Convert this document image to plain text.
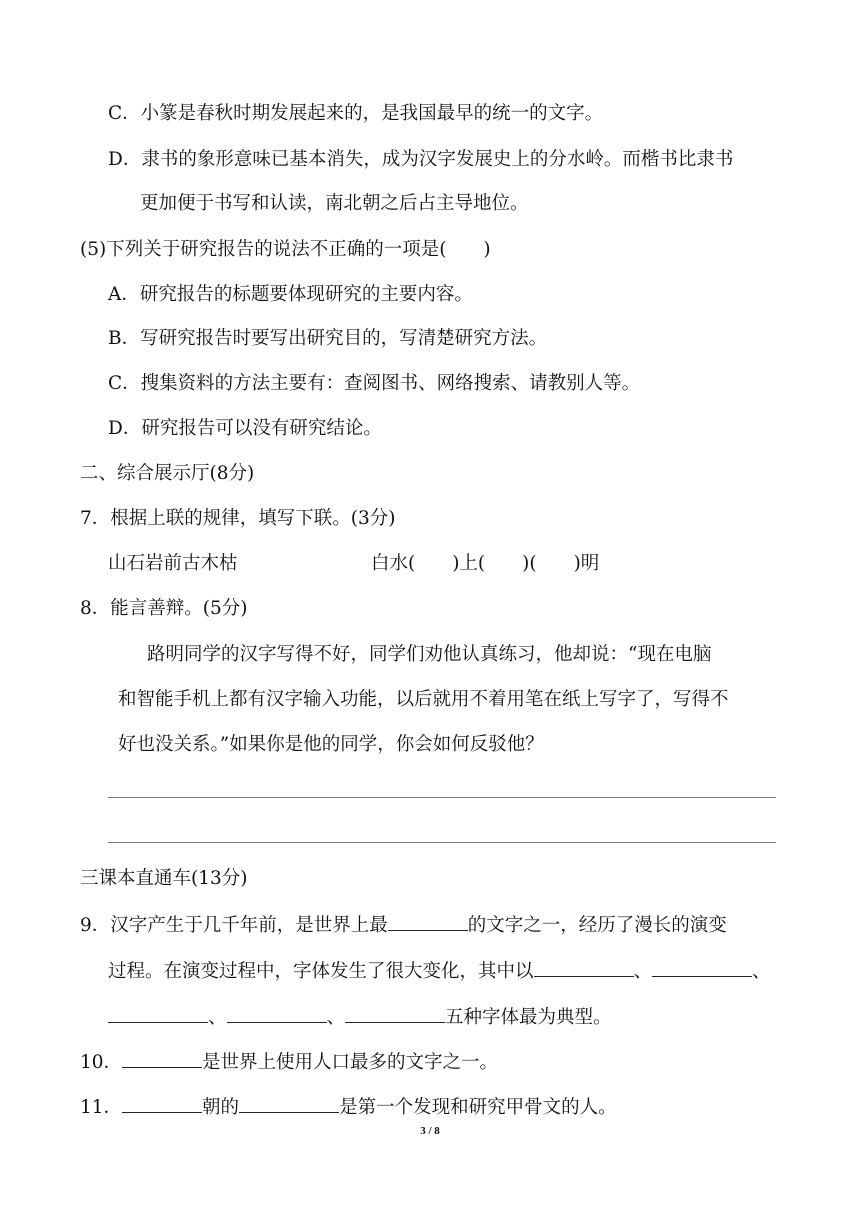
C．小篆是春秋时期发展起来的，是我国最早的统一的文字。
D．隶书的象形意味已基本消失，成为汉字发展史上的分水岭。而楷书比隶书
更加便于书写和认读，南北朝之后占主导地位。
(5)下列关于研究报告的说法不正确的一项是(　　)
A．研究报告的标题要体现研究的主要内容。
B．写研究报告时要写出研究目的，写清楚研究方法。
C．搜集资料的方法主要有：查阅图书、网络搜索、请教别人等。
D．研究报告可以没有研究结论。
二、综合展示厅(8分)
7．根据上联的规律，填写下联。(3分)
山石岩前古木枯	白水(　　)上(　　)(　　)明
8．能言善辩。(5分)
路明同学的汉字写得不好，同学们劝他认真练习，他却说：“现在电脑
和智能手机上都有汉字输入功能，以后就用不着用笔在纸上写字了，写得不
好也没关系。”如果你是他的同学，你会如何反驳他？
三课本直通车(13分)
9．汉字产生于几千年前，是世界上最	的文字之一，经历了漫长的演变
过程。在演变过程中，字体发生了很大变化，其中以	、	、
、	、	五种字体最为典型。
10．	是世界上使用人口最多的文字之一。
11．	朝的	是第一个发现和研究甲骨文的人。
3 / 8
